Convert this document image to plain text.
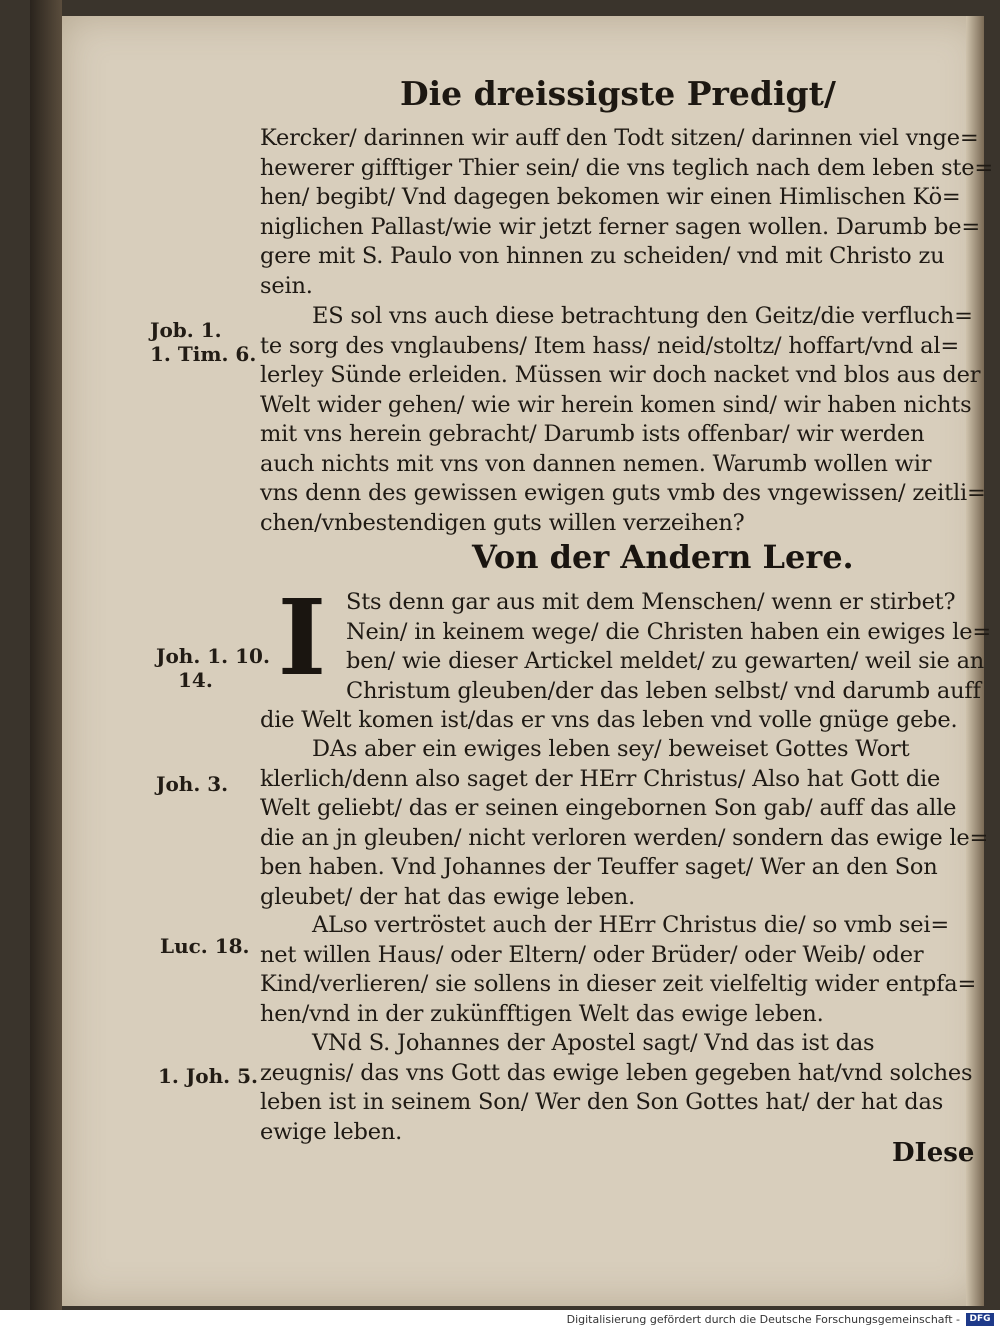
Die dreissigste Predigt/
Kercker/ darinnen wir auff den Todt sitzen/ darinnen viel vnge=
hewerer gifftiger Thier sein/ die vns teglich nach dem leben ste=
hen/ begibt/ Vnd dagegen bekomen wir einen Himlischen Kö=
niglichen Pallast/wie wir jetzt ferner sagen wollen. Darumb be=
gere mit S. Paulo von hinnen zu scheiden/ vnd mit Christo zu
sein.
ES sol vns auch diese betrachtung den Geitz/die verfluch=
te sorg des vnglaubens/ Item hass/ neid/stoltz/ hoffart/vnd al=
lerley Sünde erleiden. Müssen wir doch nacket vnd blos aus der
Welt wider gehen/ wie wir herein komen sind/ wir haben nichts
mit vns herein gebracht/ Darumb ists offenbar/ wir werden
auch nichts mit vns von dannen nemen. Warumb wollen wir
vns denn des gewissen ewigen guts vmb des vngewissen/ zeitli=
chen/vnbestendigen guts willen verzeihen?
Von der Andern Lere.
I Sts denn gar aus mit dem Menschen/ wenn er stirbet?
Nein/ in keinem wege/ die Christen haben ein ewiges le=
ben/ wie dieser Artickel meldet/ zu gewarten/ weil sie an
Christum gleuben/der das leben selbst/ vnd darumb auff
die Welt komen ist/das er vns das leben vnd volle gnüge gebe.
DAs aber ein ewiges leben sey/ beweiset Gottes Wort
klerlich/denn also saget der HErr Christus/ Also hat Gott die
Welt geliebt/ das er seinen eingebornen Son gab/ auff das alle
die an jn gleuben/ nicht verloren werden/ sondern das ewige le=
ben haben. Vnd Johannes der Teuffer saget/ Wer an den Son
gleubet/ der hat das ewige leben.
ALso vertröstet auch der HErr Christus die/ so vmb sei=
net willen Haus/ oder Eltern/ oder Brüder/ oder Weib/ oder
Kind/verlieren/ sie sollens in dieser zeit vielfeltig wider entpfa=
hen/vnd in der zukünfftigen Welt das ewige leben.
VNd S. Johannes der Apostel sagt/ Vnd das ist das
zeugnis/ das vns Gott das ewige leben gegeben hat/vnd solches
leben ist in seinem Son/ Wer den Son Gottes hat/ der hat das
ewige leben.
Job. 1.
1. Tim. 6.
Joh. 1. 10.
14.
Joh. 3.
Luc. 18.
1. Joh. 5.
DIese
Digitalisierung gefördert durch die Deutsche Forschungsgemeinschaft -	DFG
